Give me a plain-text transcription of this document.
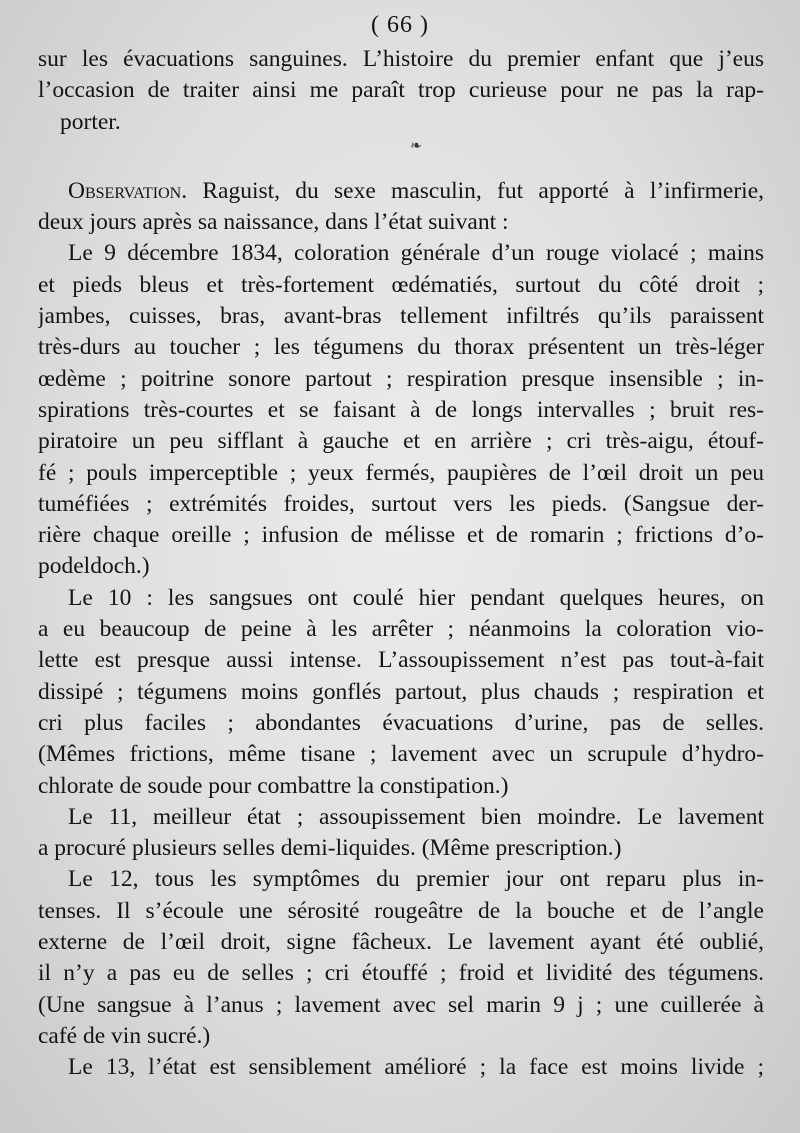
( 66 )
sur les évacuations sanguines. L’histoire du premier enfant que j’eus
l’occasion de traiter ainsi me paraît trop curieuse pour ne pas la rap-
porter.
❧
Observation. Raguist, du sexe masculin, fut apporté à l’infirmerie,
deux jours après sa naissance, dans l’état suivant :
Le 9 décembre 1834, coloration générale d’un rouge violacé ; mains
et pieds bleus et très-fortement œdématiés, surtout du côté droit ;
jambes, cuisses, bras, avant-bras tellement infiltrés qu’ils paraissent
très-durs au toucher ; les tégumens du thorax présentent un très-léger
œdème ; poitrine sonore partout ; respiration presque insensible ; in-
spirations très-courtes et se faisant à de longs intervalles ; bruit res-
piratoire un peu sifflant à gauche et en arrière ; cri très-aigu, étouf-
fé ; pouls imperceptible ; yeux fermés, paupières de l’œil droit un peu
tuméfiées ; extrémités froides, surtout vers les pieds. (Sangsue der-
rière chaque oreille ; infusion de mélisse et de romarin ; frictions d’o-
podeldoch.)
Le 10 : les sangsues ont coulé hier pendant quelques heures, on
a eu beaucoup de peine à les arrêter ; néanmoins la coloration vio-
lette est presque aussi intense. L’assoupissement n’est pas tout-à-fait
dissipé ; tégumens moins gonflés partout, plus chauds ; respiration et
cri plus faciles ; abondantes évacuations d’urine, pas de selles.
(Mêmes frictions, même tisane ; lavement avec un scrupule d’hydro-
chlorate de soude pour combattre la constipation.)
Le 11, meilleur état ; assoupissement bien moindre. Le lavement
a procuré plusieurs selles demi-liquides. (Même prescription.)
Le 12, tous les symptômes du premier jour ont reparu plus in-
tenses. Il s’écoule une sérosité rougeâtre de la bouche et de l’angle
externe de l’œil droit, signe fâcheux. Le lavement ayant été oublié,
il n’y a pas eu de selles ; cri étouffé ; froid et lividité des tégumens.
(Une sangsue à l’anus ; lavement avec sel marin 9 j ; une cuillerée à
café de vin sucré.)
Le 13, l’état est sensiblement amélioré ; la face est moins livide ;
